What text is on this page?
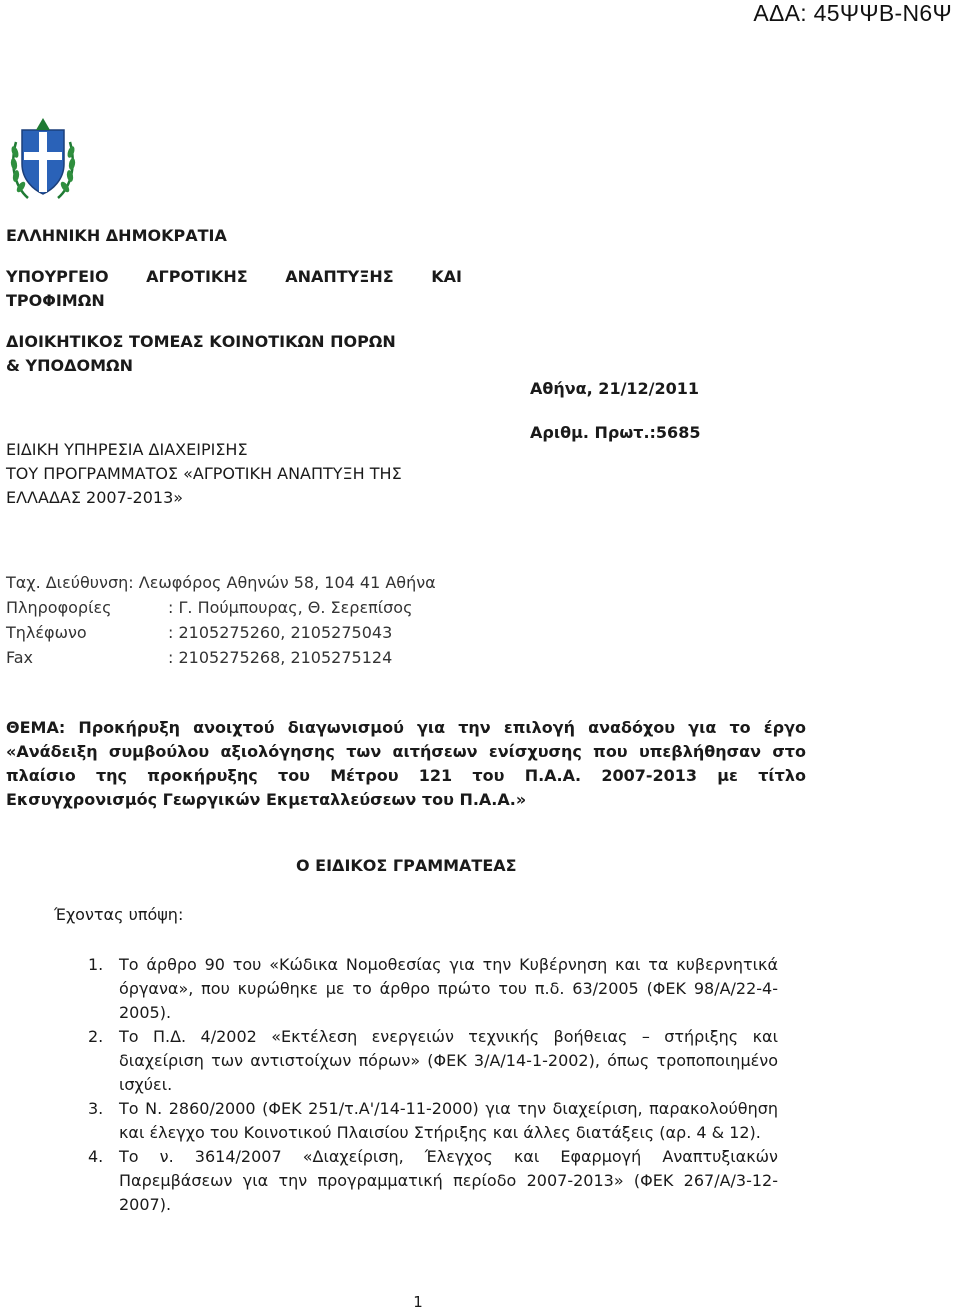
ΑΔΑ: 45ΨΨΒ-Ν6Ψ
ΕΛΛΗΝΙΚΗ ΔΗΜΟΚΡΑΤΙΑ
ΥΠΟΥΡΓΕΙΟ ΑΓΡΟΤΙΚΗΣ ΑΝΑΠΤΥΞΗΣ ΚΑΙ
ΤΡΟΦΙΜΩΝ
ΔΙΟΙΚΗΤΙΚΟΣ ΤΟΜΕΑΣ ΚΟΙΝΟΤΙΚΩΝ ΠΟΡΩΝ
& ΥΠΟΔΟΜΩΝ
ΕΙΔΙΚΗ ΥΠΗΡΕΣΙΑ ΔΙΑΧΕΙΡΙΣΗΣ
ΤΟΥ ΠΡΟΓΡΑΜΜΑΤΟΣ «ΑΓΡΟΤΙΚΗ ΑΝΑΠΤΥΞΗ ΤΗΣ
ΕΛΛΑΔΑΣ 2007-2013»
Αθήνα, 21/12/2011
Αριθμ. Πρωτ.:5685
Ταχ. Διεύθυνση: Λεωφόρος Αθηνών 58, 104 41 Αθήνα
Πληροφορίες	: Γ. Πούμπουρας, Θ. Σερεπίσος
Τηλέφωνο	: 2105275260, 2105275043
Fax	: 2105275268, 2105275124
ΘΕΜΑ: Προκήρυξη ανοιχτού διαγωνισμού για την επιλογή αναδόχου για το έργο «Ανάδειξη συμβούλου αξιολόγησης των αιτήσεων ενίσχυσης που υπεβλήθησαν στο πλαίσιο της προκήρυξης του Μέτρου 121 του Π.Α.Α. 2007-2013 με τίτλο Εκσυγχρονισμός Γεωργικών Εκμεταλλεύσεων του Π.Α.Α.»
Ο ΕΙΔΙΚΟΣ ΓΡΑΜΜΑΤΕΑΣ
Έχοντας υπόψη:
1. Το άρθρο 90 του «Κώδικα Νομοθεσίας για την Κυβέρνηση και τα κυβερνητικά όργανα», που κυρώθηκε με το άρθρο πρώτο του π.δ. 63/2005 (ΦΕΚ 98/Α/22-4-2005).
2. Το Π.Δ. 4/2002 «Εκτέλεση ενεργειών τεχνικής βοήθειας – στήριξης και διαχείριση των αντιστοίχων πόρων» (ΦΕΚ 3/Α/14-1-2002), όπως τροποποιημένο ισχύει.
3. Το Ν. 2860/2000 (ΦΕΚ 251/τ.Α'/14-11-2000) για την διαχείριση, παρακολούθηση και έλεγχο του Κοινοτικού Πλαισίου Στήριξης και άλλες διατάξεις (αρ. 4 & 12).
4. Το ν. 3614/2007 «Διαχείριση, Έλεγχος και Εφαρμογή Αναπτυξιακών Παρεμβάσεων για την προγραμματική περίοδο 2007-2013» (ΦΕΚ 267/Α/3-12-2007).
1
